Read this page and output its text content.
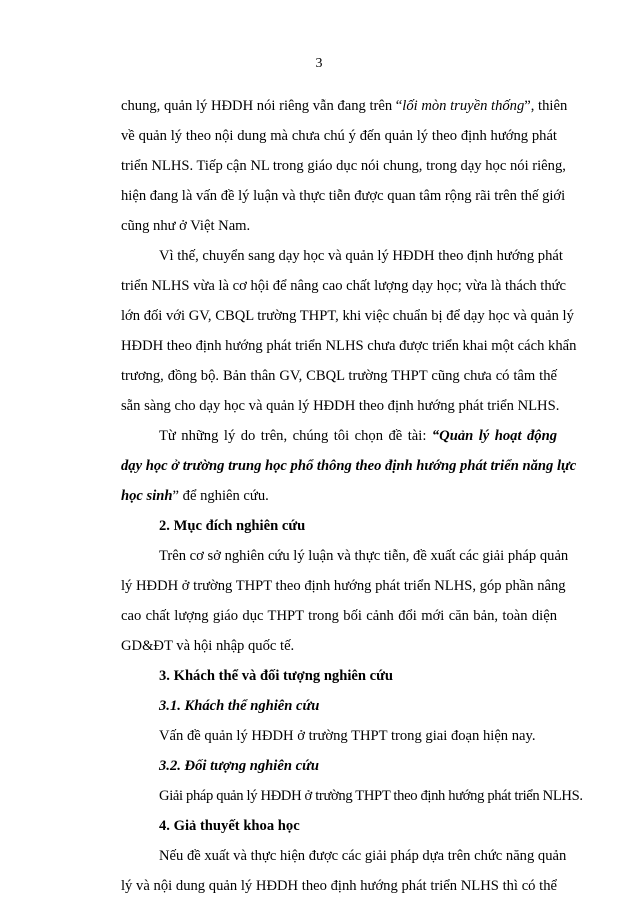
3
chung, quản lý HĐDH nói riêng vẫn đang trên “lối mòn truyền thống”, thiên
về quản lý theo nội dung mà chưa chú ý đến quản lý theo định hướng phát
triển NLHS. Tiếp cận NL trong giáo dục nói chung, trong dạy học nói riêng,
hiện đang là vấn đề lý luận và thực tiễn được quan tâm rộng rãi trên thế giới
cũng như ở Việt Nam.
Vì thế, chuyển sang dạy học và quản lý HĐDH theo định hướng phát
triển NLHS vừa là cơ hội để nâng cao chất lượng dạy học; vừa là thách thức
lớn đối với GV, CBQL trường THPT, khi việc chuẩn bị để dạy học và quản lý
HĐDH theo định hướng phát triển NLHS chưa được triển khai một cách khẩn
trương, đồng bộ. Bản thân GV, CBQL trường THPT cũng chưa có tâm thế
sẵn sàng cho dạy học và quản lý HĐDH theo định hướng phát triển NLHS.
Từ những lý do trên, chúng tôi chọn đề tài: “Quản lý hoạt động
dạy học ở trường trung học phổ thông theo định hướng phát triển năng lực
học sinh” để nghiên cứu.
2. Mục đích nghiên cứu
Trên cơ sở nghiên cứu lý luận và thực tiễn, đề xuất các giải pháp quản
lý HĐDH ở trường THPT theo định hướng phát triển NLHS, góp phần nâng
cao chất lượng giáo dục THPT trong bối cảnh đổi mới căn bản, toàn diện
GD&ĐT và hội nhập quốc tế.
3. Khách thể và đối tượng nghiên cứu
3.1. Khách thể nghiên cứu
Vấn đề quản lý HĐDH ở trường THPT trong giai đoạn hiện nay.
3.2. Đối tượng nghiên cứu
Giải pháp quản lý HĐDH ở trường THPT theo định hướng phát triển NLHS.
4. Giả thuyết khoa học
Nếu đề xuất và thực hiện được các giải pháp dựa trên chức năng quản
lý và nội dung quản lý HĐDH theo định hướng phát triển NLHS thì có thể
